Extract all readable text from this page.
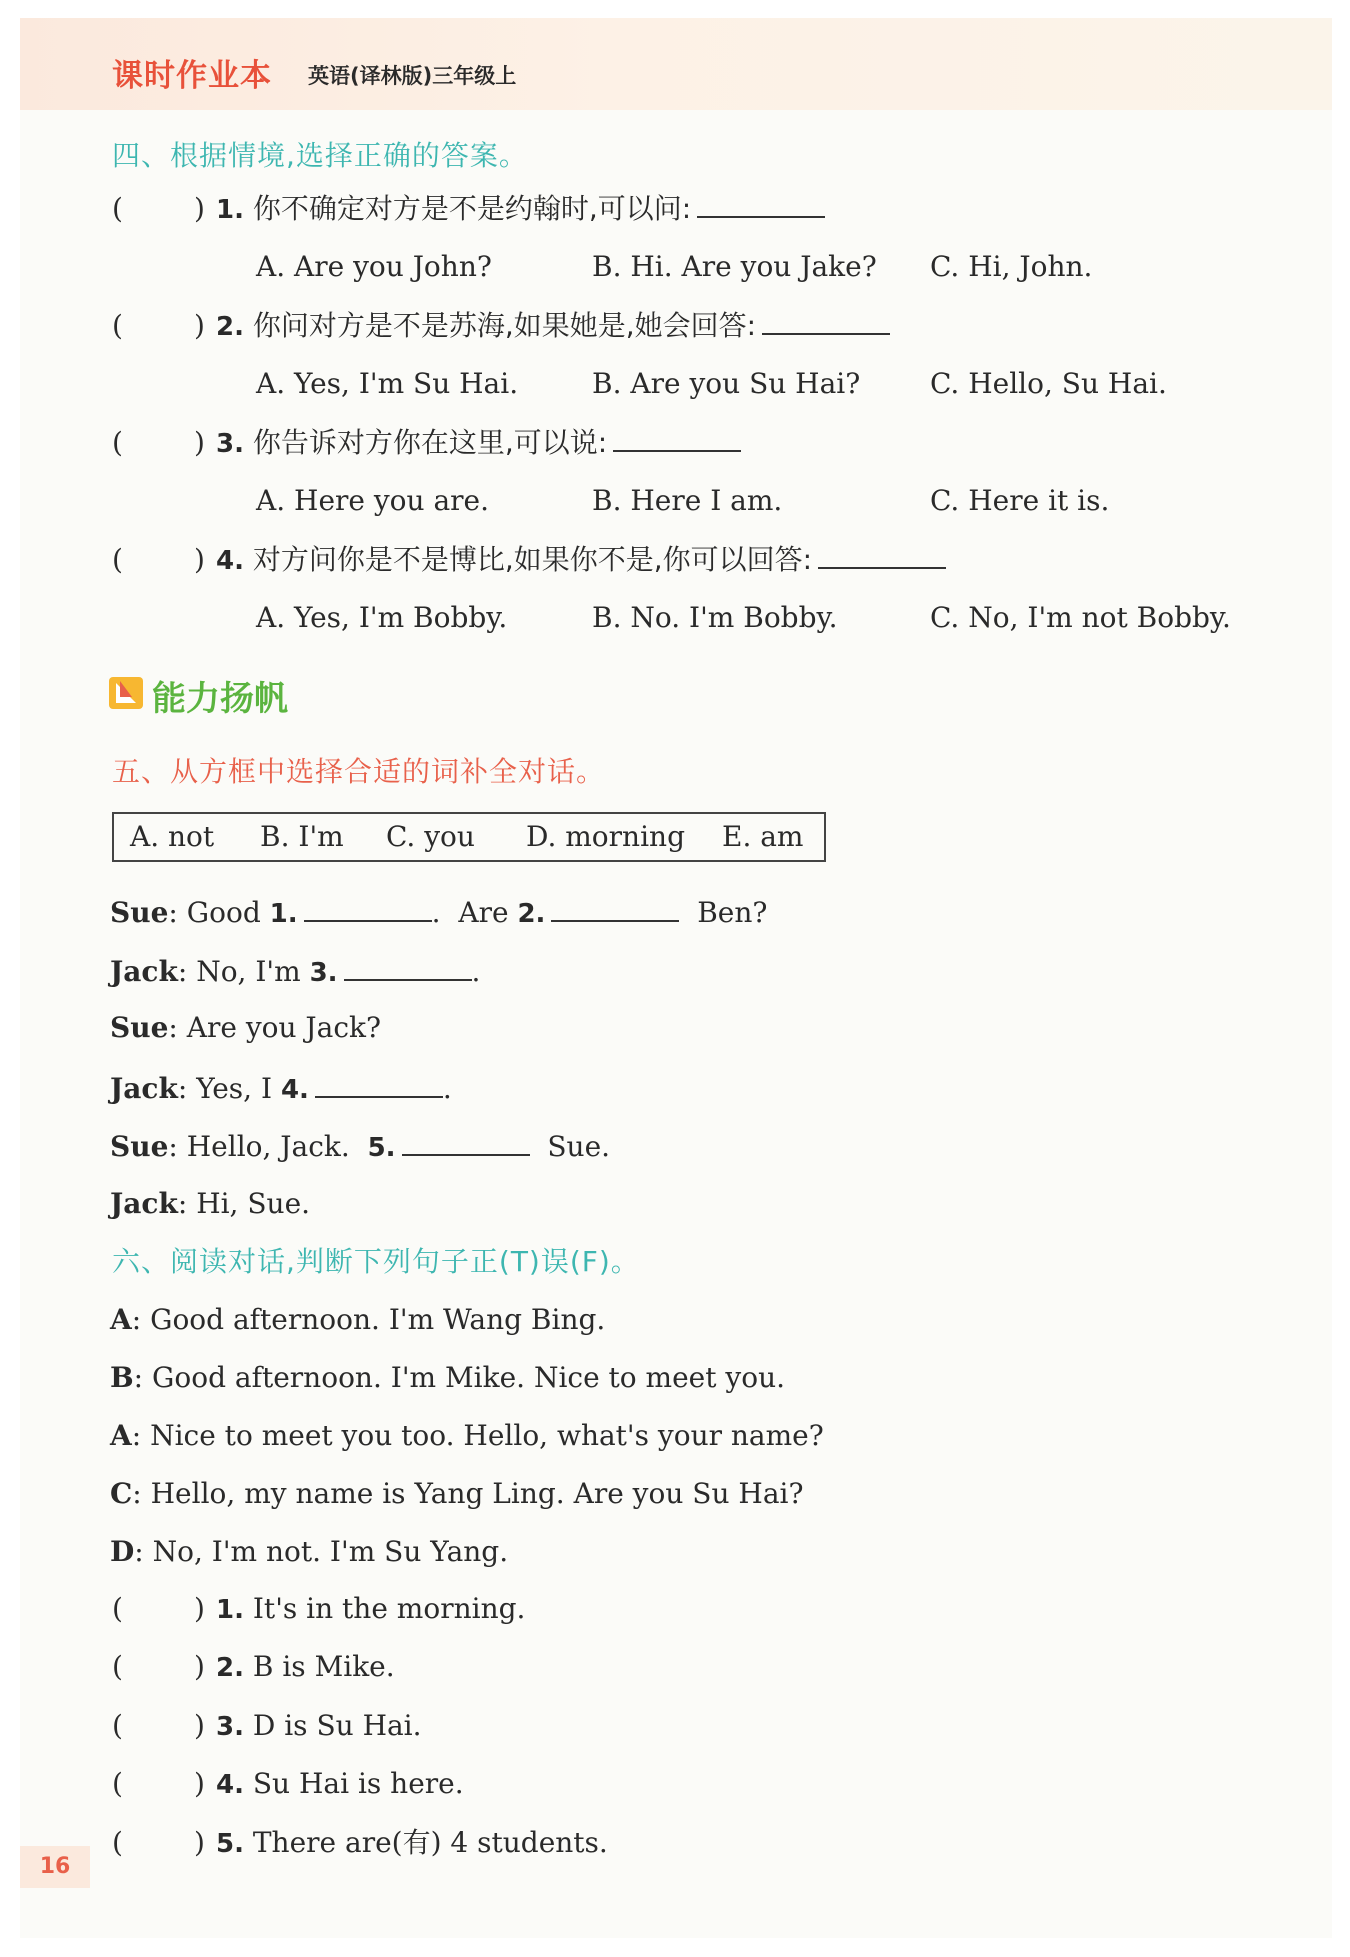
课时作业本 英语(译林版)三年级上
四、根据情境,选择正确的答案。
(	) 1. 你不确定对方是不是约翰时,可以问:
A. Are you John?	B. Hi. Are you Jake? C. Hi, John.
(	) 2. 你问对方是不是苏海,如果她是,她会回答:
A. Yes, I'm Su Hai.	B. Are you Su Hai? C. Hello, Su Hai.
(	) 3. 你告诉对方你在这里,可以说:
A. Here you are.	B. Here I am.	C. Here it is.
(	) 4. 对方问你是不是博比,如果你不是,你可以回答:
A. Yes, I'm Bobby.	B. No. I'm Bobby.	C. No, I'm not Bobby.
能力扬帆
五、从方框中选择合适的词补全对话。
A. not B. I'm C. you D. morning E. am
Sue: Good 1.	. Are 2.	Ben?
Jack: No, I'm 3.	.
Sue: Are you Jack?
Jack: Yes, I 4.	.
Sue: Hello, Jack. 5.	Sue.
Jack: Hi, Sue.
六、阅读对话,判断下列句子正(T)误(F)。
A: Good afternoon. I'm Wang Bing.
B: Good afternoon. I'm Mike. Nice to meet you.
A: Nice to meet you too. Hello, what's your name?
C: Hello, my name is Yang Ling. Are you Su Hai?
D: No, I'm not. I'm Su Yang.
(	) 1. It's in the morning.
(	) 2. B is Mike.
(	) 3. D is Su Hai.
(	) 4. Su Hai is here.
(	) 5. There are(有) 4 students.
16
